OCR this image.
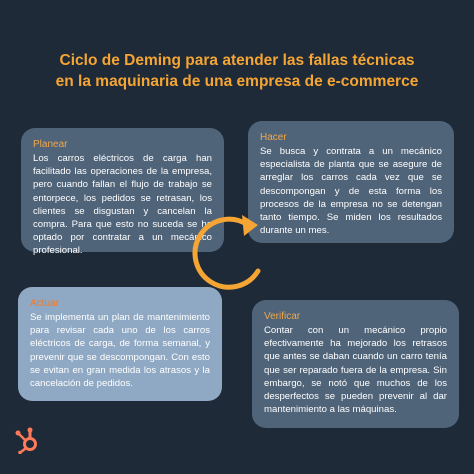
Ciclo de Deming para atender las fallas técnicas
en la maquinaria de una empresa de e-commerce
Planear
Los carros eléctricos de carga han facilitado las operaciones de la empresa, pero cuando fallan el flujo de trabajo se entorpece, los pedidos se retrasan, los clientes se disgustan y cancelan la compra. Para que esto no suceda se ha optado por contratar a un mecánico profesional.
Hacer
Se busca y contrata a un mecánico especialista de planta que se asegure de arreglar los carros cada vez que se descompongan y de esta forma los procesos de la empresa no se detengan tanto tiempo. Se miden los resultados durante un mes.
Actuar
Se implementa un plan de mantenimiento para revisar cada uno de los carros eléctricos de carga, de forma semanal, y prevenir que se descompongan. Con esto se evitan en gran medida los atrasos y la cancelación de pedidos.
Verificar
Contar con un mecánico propio efectivamente ha mejorado los retrasos que antes se daban cuando un carro tenía que ser reparado fuera de la empresa. Sin embargo, se notó que muchos de los desperfectos se pueden prevenir al dar mantenimiento a las máquinas.
